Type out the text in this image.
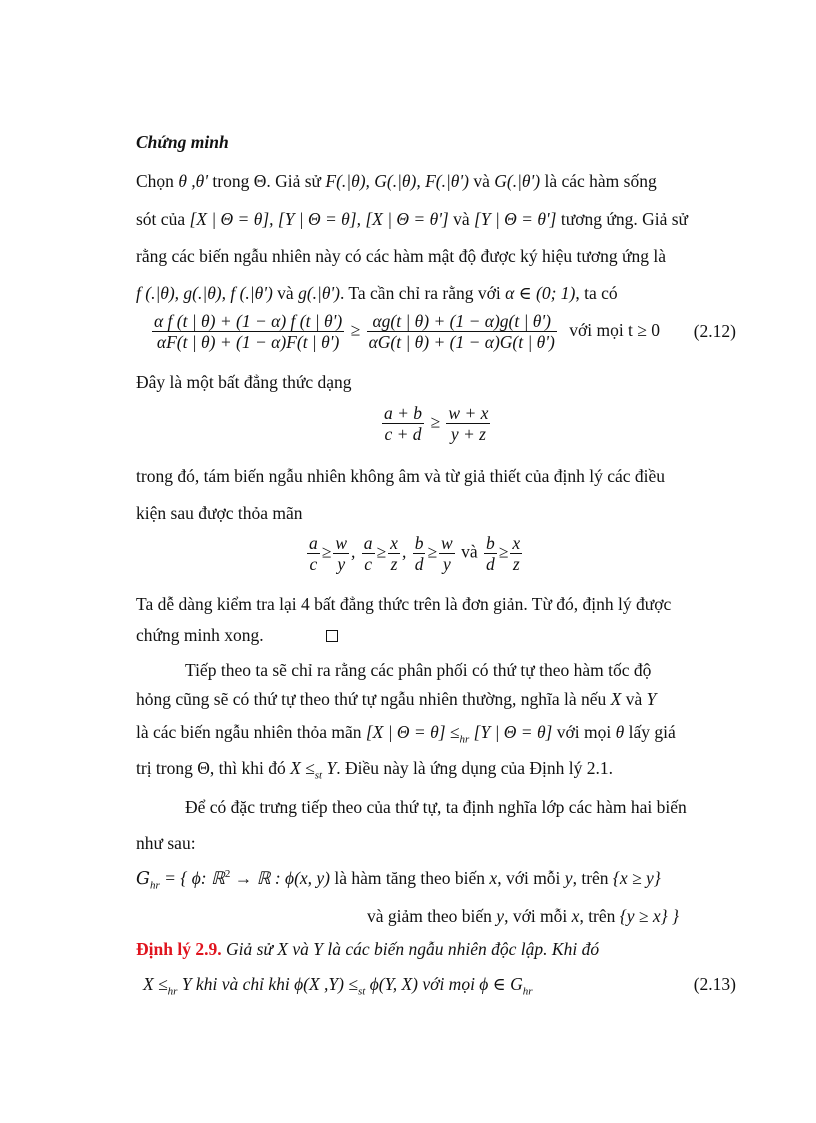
Chứng minh
Chọn θ ,θ' trong Θ. Giả sử F(.|θ), G(.|θ), F(.|θ') và G(.|θ') là các hàm sống
sót của [X | Θ = θ], [Y | Θ = θ], [X | Θ = θ'] và [Y | Θ = θ'] tương ứng. Giả sử
rằng các biến ngẫu nhiên này có các hàm mật độ được ký hiệu tương ứng là
f (.|θ), g(.|θ), f (.|θ') và g(.|θ'). Ta cần chỉ ra rằng với α ∈ (0; 1), ta có
$\frac{\text{α f (t | θ) + (1 − α) f (t | θ')}}{\alpha F(t | \theta) + (1 - \alpha)F(t | \theta')} \ge \frac{\alpha g(t | \theta) + (1 - \alpha)g(t | \theta')}{\alpha G(t | \theta) + (1 - \alpha)G(t | \theta')}$ với mọi t ≥ 0 (2.12)
Đây là một bất đẳng thức dạng
$\frac{a + b}{c + d} \ge \frac{w + x}{y + z}$
trong đó, tám biến ngẫu nhiên không âm và từ giả thiết của định lý các điều
kiện sau được thỏa mãn
$\frac{a}{c} \ge \frac{w}{y}$ , $\frac{a}{c} \ge \frac{x}{z}$ , $\frac{b}{d} \ge \frac{w}{y}$ và $\frac{b}{d} \ge \frac{x}{z}$
Ta dễ dàng kiểm tra lại 4 bất đẳng thức trên là đơn giản. Từ đó, định lý được
chứng minh xong.
Tiếp theo ta sẽ chỉ ra rằng các phân phối có thứ tự theo hàm tốc độ
hỏng cũng sẽ có thứ tự theo thứ tự ngẫu nhiên thường, nghĩa là nếu X và Y
là các biến ngẫu nhiên thỏa mãn [X | $\Theta = \theta] \le_{hr}$ [Y | Θ = θ] với mọi θ lấy giá
trị trong Θ, thì khi đó $X \le_{st}$ Y. Điều này là ứng dụng của Định lý 2.1.
Để có đặc trưng tiếp theo của thứ tự, ta định nghĩa lớp các hàm hai biến
như sau:
$G_{hr}$ = { ϕ: ℝ$^2$ → ℝ : ϕ(x, y) là hàm tăng theo biến x, với mỗi y, trên {x ≥ y}
và giảm theo biến y, với mỗi x, trên {y ≥ x} }
Định lý 2.9. Giả sử X và Y là các biến ngẫu nhiên độc lập. Khi đó
$X \le_{hr}$ Y khi và chỉ khi ϕ(X $,Y) \le_{st}$ ϕ(Y, X) với mọi ϕ ∈ $G_{hr}$	(2.13)
